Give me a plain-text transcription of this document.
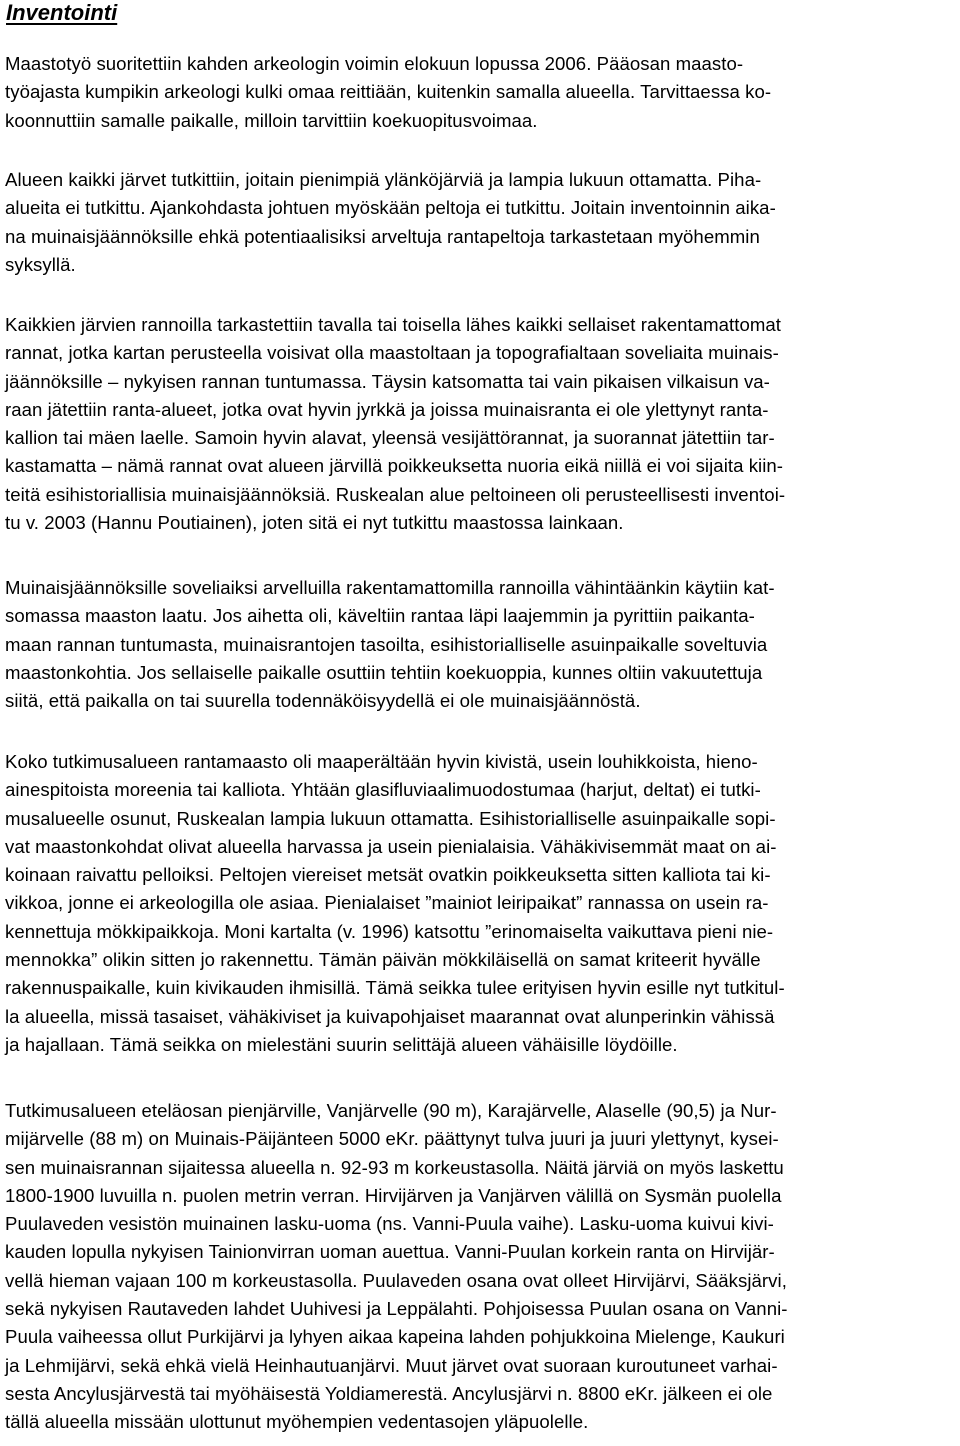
Inventointi
Maastotyö suoritettiin kahden arkeologin voimin elokuun lopussa 2006. Pääosan maasto-
työajasta kumpikin arkeologi kulki omaa reittiään, kuitenkin samalla alueella. Tarvittaessa ko-
koonnuttiin samalle paikalle, milloin tarvittiin koekuopitusvoimaa.
Alueen kaikki järvet tutkittiin, joitain pienimpiä ylänköjärviä ja lampia lukuun ottamatta. Piha-
alueita ei tutkittu. Ajankohdasta johtuen myöskään peltoja ei tutkittu. Joitain inventoinnin aika-
na muinaisjäännöksille ehkä potentiaalisiksi arveltuja rantapeltoja tarkastetaan myöhemmin
syksyllä.
Kaikkien järvien rannoilla tarkastettiin tavalla tai toisella lähes kaikki sellaiset rakentamattomat
rannat, jotka kartan perusteella voisivat olla maastoltaan ja topografialtaan soveliaita muinais-
jäännöksille – nykyisen rannan tuntumassa. Täysin katsomatta tai vain pikaisen vilkaisun va-
raan jätettiin ranta-alueet, jotka ovat hyvin jyrkkä ja joissa muinaisranta ei ole ylettynyt ranta-
kallion tai mäen laelle. Samoin hyvin alavat, yleensä vesijättörannat, ja suorannat jätettiin tar-
kastamatta – nämä rannat ovat alueen järvillä poikkeuksetta nuoria eikä niillä ei voi sijaita kiin-
teitä esihistoriallisia muinaisjäännöksiä. Ruskealan alue peltoineen oli perusteellisesti inventoi-
tu v. 2003 (Hannu Poutiainen), joten sitä ei nyt tutkittu maastossa lainkaan.
Muinaisjäännöksille soveliaiksi arvelluilla rakentamattomilla rannoilla vähintäänkin käytiin kat-
somassa maaston laatu. Jos aihetta oli, käveltiin rantaa läpi laajemmin ja pyrittiin paikanta-
maan rannan tuntumasta, muinaisrantojen tasoilta, esihistorialliselle asuinpaikalle soveltuvia
maastonkohtia. Jos sellaiselle paikalle osuttiin tehtiin koekuoppia, kunnes oltiin vakuutettuja
siitä, että paikalla on tai suurella todennäköisyydellä ei ole muinaisjäännöstä.
Koko tutkimusalueen rantamaasto oli maaperältään hyvin kivistä, usein louhikkoista, hieno-
ainespitoista moreenia tai kalliota. Yhtään glasifluviaalimuodostumaa (harjut, deltat) ei tutki-
musalueelle osunut, Ruskealan lampia lukuun ottamatta. Esihistorialliselle asuinpaikalle sopi-
vat maastonkohdat olivat alueella harvassa ja usein pienialaisia. Vähäkivisemmät maat on ai-
koinaan raivattu pelloiksi. Peltojen viereiset metsät ovatkin poikkeuksetta sitten kalliota tai ki-
vikkoa, jonne ei arkeologilla ole asiaa. Pienialaiset ”mainiot leiripaikat” rannassa on usein ra-
kennettuja mökkipaikkoja. Moni kartalta (v. 1996) katsottu ”erinomaiselta vaikuttava pieni nie-
mennokka” olikin sitten jo rakennettu. Tämän päivän mökkiläisellä on samat kriteerit hyvälle
rakennuspaikalle, kuin kivikauden ihmisillä. Tämä seikka tulee erityisen hyvin esille nyt tutkitul-
la alueella, missä tasaiset, vähäkiviset ja kuivapohjaiset maarannat ovat alunperinkin vähissä
ja hajallaan. Tämä seikka on mielestäni suurin selittäjä alueen vähäisille löydöille.
Tutkimusalueen eteläosan pienjärville, Vanjärvelle (90 m), Karajärvelle, Alaselle (90,5) ja Nur-
mijärvelle (88 m) on Muinais-Päijänteen 5000 eKr. päättynyt tulva juuri ja juuri ylettynyt, kysei-
sen muinaisrannan sijaitessa alueella n. 92-93 m korkeustasolla. Näitä järviä on myös laskettu
1800-1900 luvuilla n. puolen metrin verran. Hirvijärven ja Vanjärven välillä on Sysmän puolella
Puulaveden vesistön muinainen lasku-uoma (ns. Vanni-Puula vaihe). Lasku-uoma kuivui kivi-
kauden lopulla nykyisen Tainionvirran uoman auettua. Vanni-Puulan korkein ranta on Hirvijär-
vellä hieman vajaan 100 m korkeustasolla. Puulaveden osana ovat olleet Hirvijärvi, Sääksjärvi,
sekä nykyisen Rautaveden lahdet Uuhivesi ja Leppälahti. Pohjoisessa Puulan osana on Vanni-
Puula vaiheessa ollut Purkijärvi ja lyhyen aikaa kapeina lahden pohjukkoina Mielenge, Kaukuri
ja Lehmijärvi, sekä ehkä vielä Heinhautuanjärvi. Muut järvet ovat suoraan kuroutuneet varhai-
sesta Ancylusjärvestä tai myöhäisestä Yoldiamerestä. Ancylusjärvi n. 8800 eKr. jälkeen ei ole
tällä alueella missään ulottunut myöhempien vedentasojen yläpuolelle.
